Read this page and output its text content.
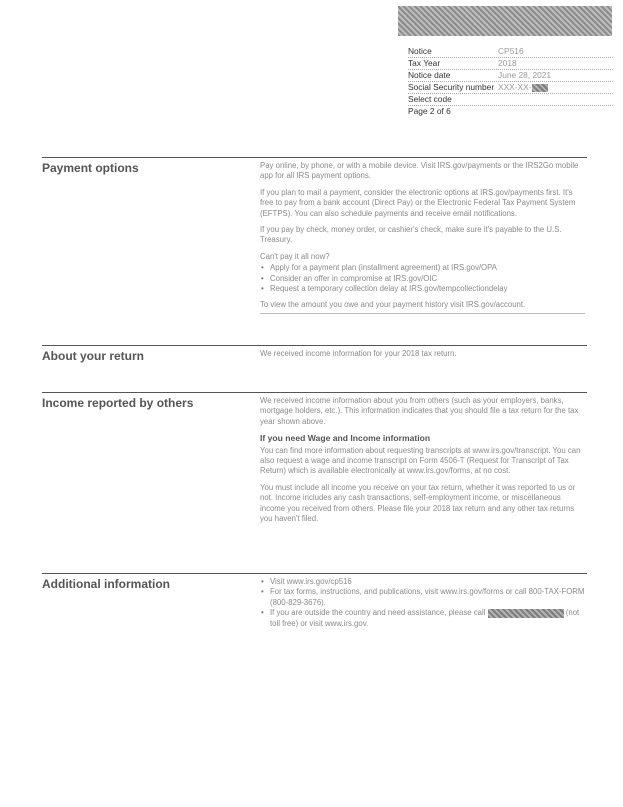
Notice	CP516
Tax Year	2018
Notice date	June 28, 2021
Social Security number XXX-XX-
Select code
Page 2 of 6
Payment options	Pay online, by phone, or with a mobile device. Visit IRS.gov/payments or the IRS2Go mobile app for all IRS payment options.

If you plan to mail a payment, consider the electronic options at IRS.gov/payments first. It's free to pay from a bank account (Direct Pay) or the Electronic Federal Tax Payment System (EFTPS). You can also schedule payments and receive email notifications.

If you pay by check, money order, or cashier's check, make sure it's payable to the U.S. Treasury.

Can't pay it all now?

• Apply for a payment plan (installment agreement) at IRS.gov/OPA
• Consider an offer in compromise at IRS.gov/OIC
• Request a temporary collection delay at IRS.gov/tempcollectiondelay

To view the amount you owe and your payment history visit IRS.gov/account.

About your return	We received income information for your 2018 tax return.

Income reported by others	We received income information about you from others (such as your employers, banks, mortgage holders, etc.). This information indicates that you should file a tax return for the tax year shown above.

If you need Wage and Income information

You can find more information about requesting transcripts at www.irs.gov/transcript. You can also request a wage and income transcript on Form 4506-T (Request for Transcript of Tax Return) which is available electronically at www.irs.gov/forms, at no cost.

You must include all income you receive on your tax return, whether it was reported to us or not. Income includes any cash transactions, self-employment income, or miscellaneous income you received from others. Please file your 2018 tax return and any other tax returns you haven't filed.

Additional information
•	Visit www.irs.gov/cp516
• For tax forms, instructions, and publications, visit www.irs.gov/forms or call 800-TAX-FORM (800-829-3676).
• If you are outside the country and need assistance, please call	(not toll free) or visit www.irs.gov.
